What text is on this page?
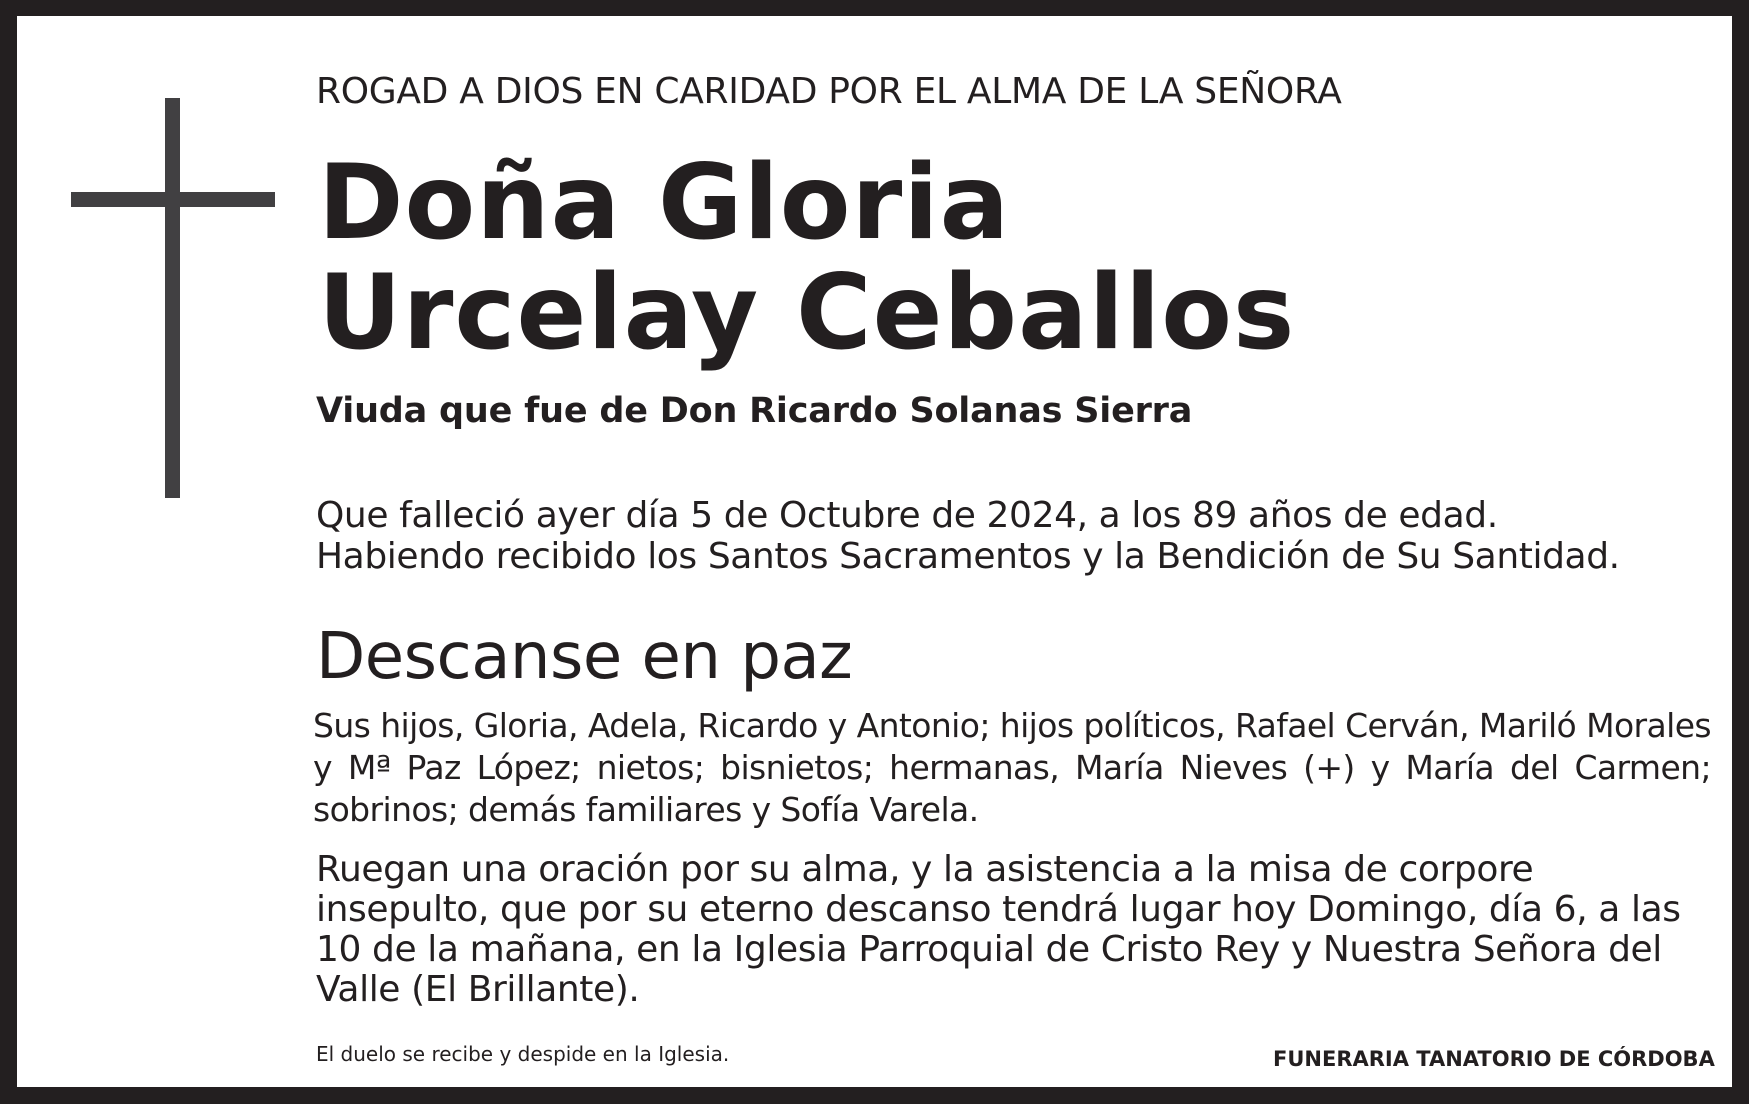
ROGAD A DIOS EN CARIDAD POR EL ALMA DE LA SEÑORA
Doña Gloria
Urcelay Ceballos
Viuda que fue de Don Ricardo Solanas Sierra
Que falleció ayer día 5 de Octubre de 2024, a los 89 años de edad.
Habiendo recibido los Santos Sacramentos y la Bendición de Su Santidad.
Descanse en paz
Sus hijos, Gloria, Adela, Ricardo y Antonio; hijos políticos, Rafael Cerván, Mariló Morales y Mª Paz López; nietos; bisnietos; hermanas, María Nieves (+) y María del Carmen; sobrinos; demás familiares y Sofía Varela.
Ruegan una oración por su alma, y la asistencia a la misa de corpore insepulto, que por su eterno descanso tendrá lugar hoy Domingo, día 6, a las 10 de la mañana, en la Iglesia Parroquial de Cristo Rey y Nuestra Señora del Valle (El Brillante).
El duelo se recibe y despide en la Iglesia.	FUNERARIA TANATORIO DE CÓRDOBA
